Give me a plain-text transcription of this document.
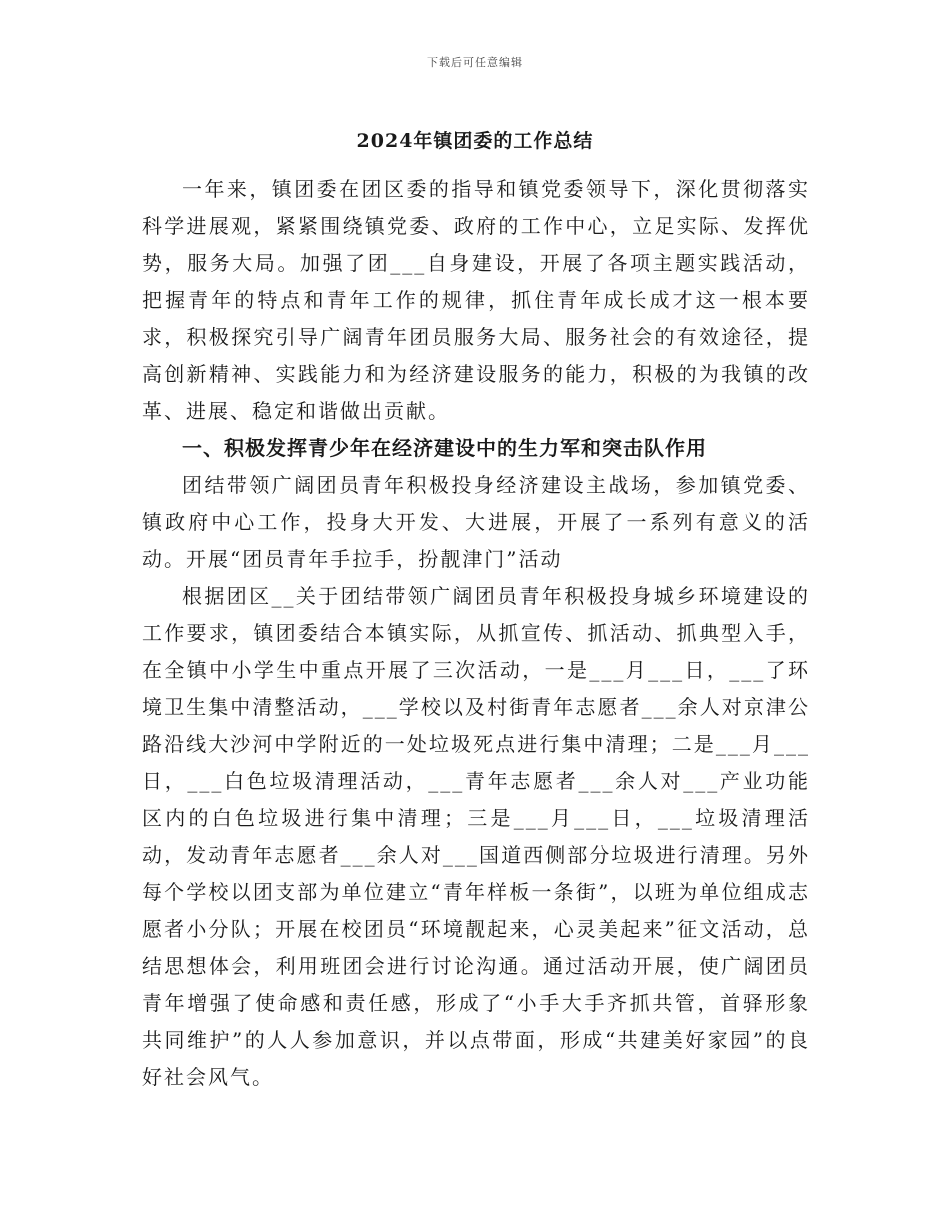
下载后可任意编辑
2024年镇团委的工作总结

一年来，镇团委在团区委的指导和镇党委领导下，深化贯彻落实科学进展观，紧紧围绕镇党委、政府的工作中心，立足实际、发挥优势，服务大局。加强了团___自身建设，开展了各项主题实践活动，把握青年的特点和青年工作的规律，抓住青年成长成才这一根本要求，积极探究引导广阔青年团员服务大局、服务社会的有效途径，提高创新精神、实践能力和为经济建设服务的能力，积极的为我镇的改革、进展、稳定和谐做出贡献。

一、积极发挥青少年在经济建设中的生力军和突击队作用

团结带领广阔团员青年积极投身经济建设主战场，参加镇党委、镇政府中心工作，投身大开发、大进展，开展了一系列有意义的活动。开展“团员青年手拉手，扮靓津门”活动

根据团区__关于团结带领广阔团员青年积极投身城乡环境建设的工作要求，镇团委结合本镇实际，从抓宣传、抓活动、抓典型入手，在全镇中小学生中重点开展了三次活动，一是___月___日，___了环境卫生集中清整活动，___学校以及村街青年志愿者___余人对京津公路沿线大沙河中学附近的一处垃圾死点进行集中清理；二是___月___日，___白色垃圾清理活动，___青年志愿者___余人对___产业功能区内的白色垃圾进行集中清理；三是___月___日，___垃圾清理活动，发动青年志愿者___余人对___国道西侧部分垃圾进行清理。另外每个学校以团支部为单位建立“青年样板一条街”，以班为单位组成志愿者小分队；开展在校团员“环境靓起来，心灵美起来”征文活动，总结思想体会，利用班团会进行讨论沟通。通过活动开展，使广阔团员青年增强了使命感和责任感，形成了“小手大手齐抓共管，首驿形象共同维护”的人人参加意识，并以点带面，形成“共建美好家园”的良好社会风气。
